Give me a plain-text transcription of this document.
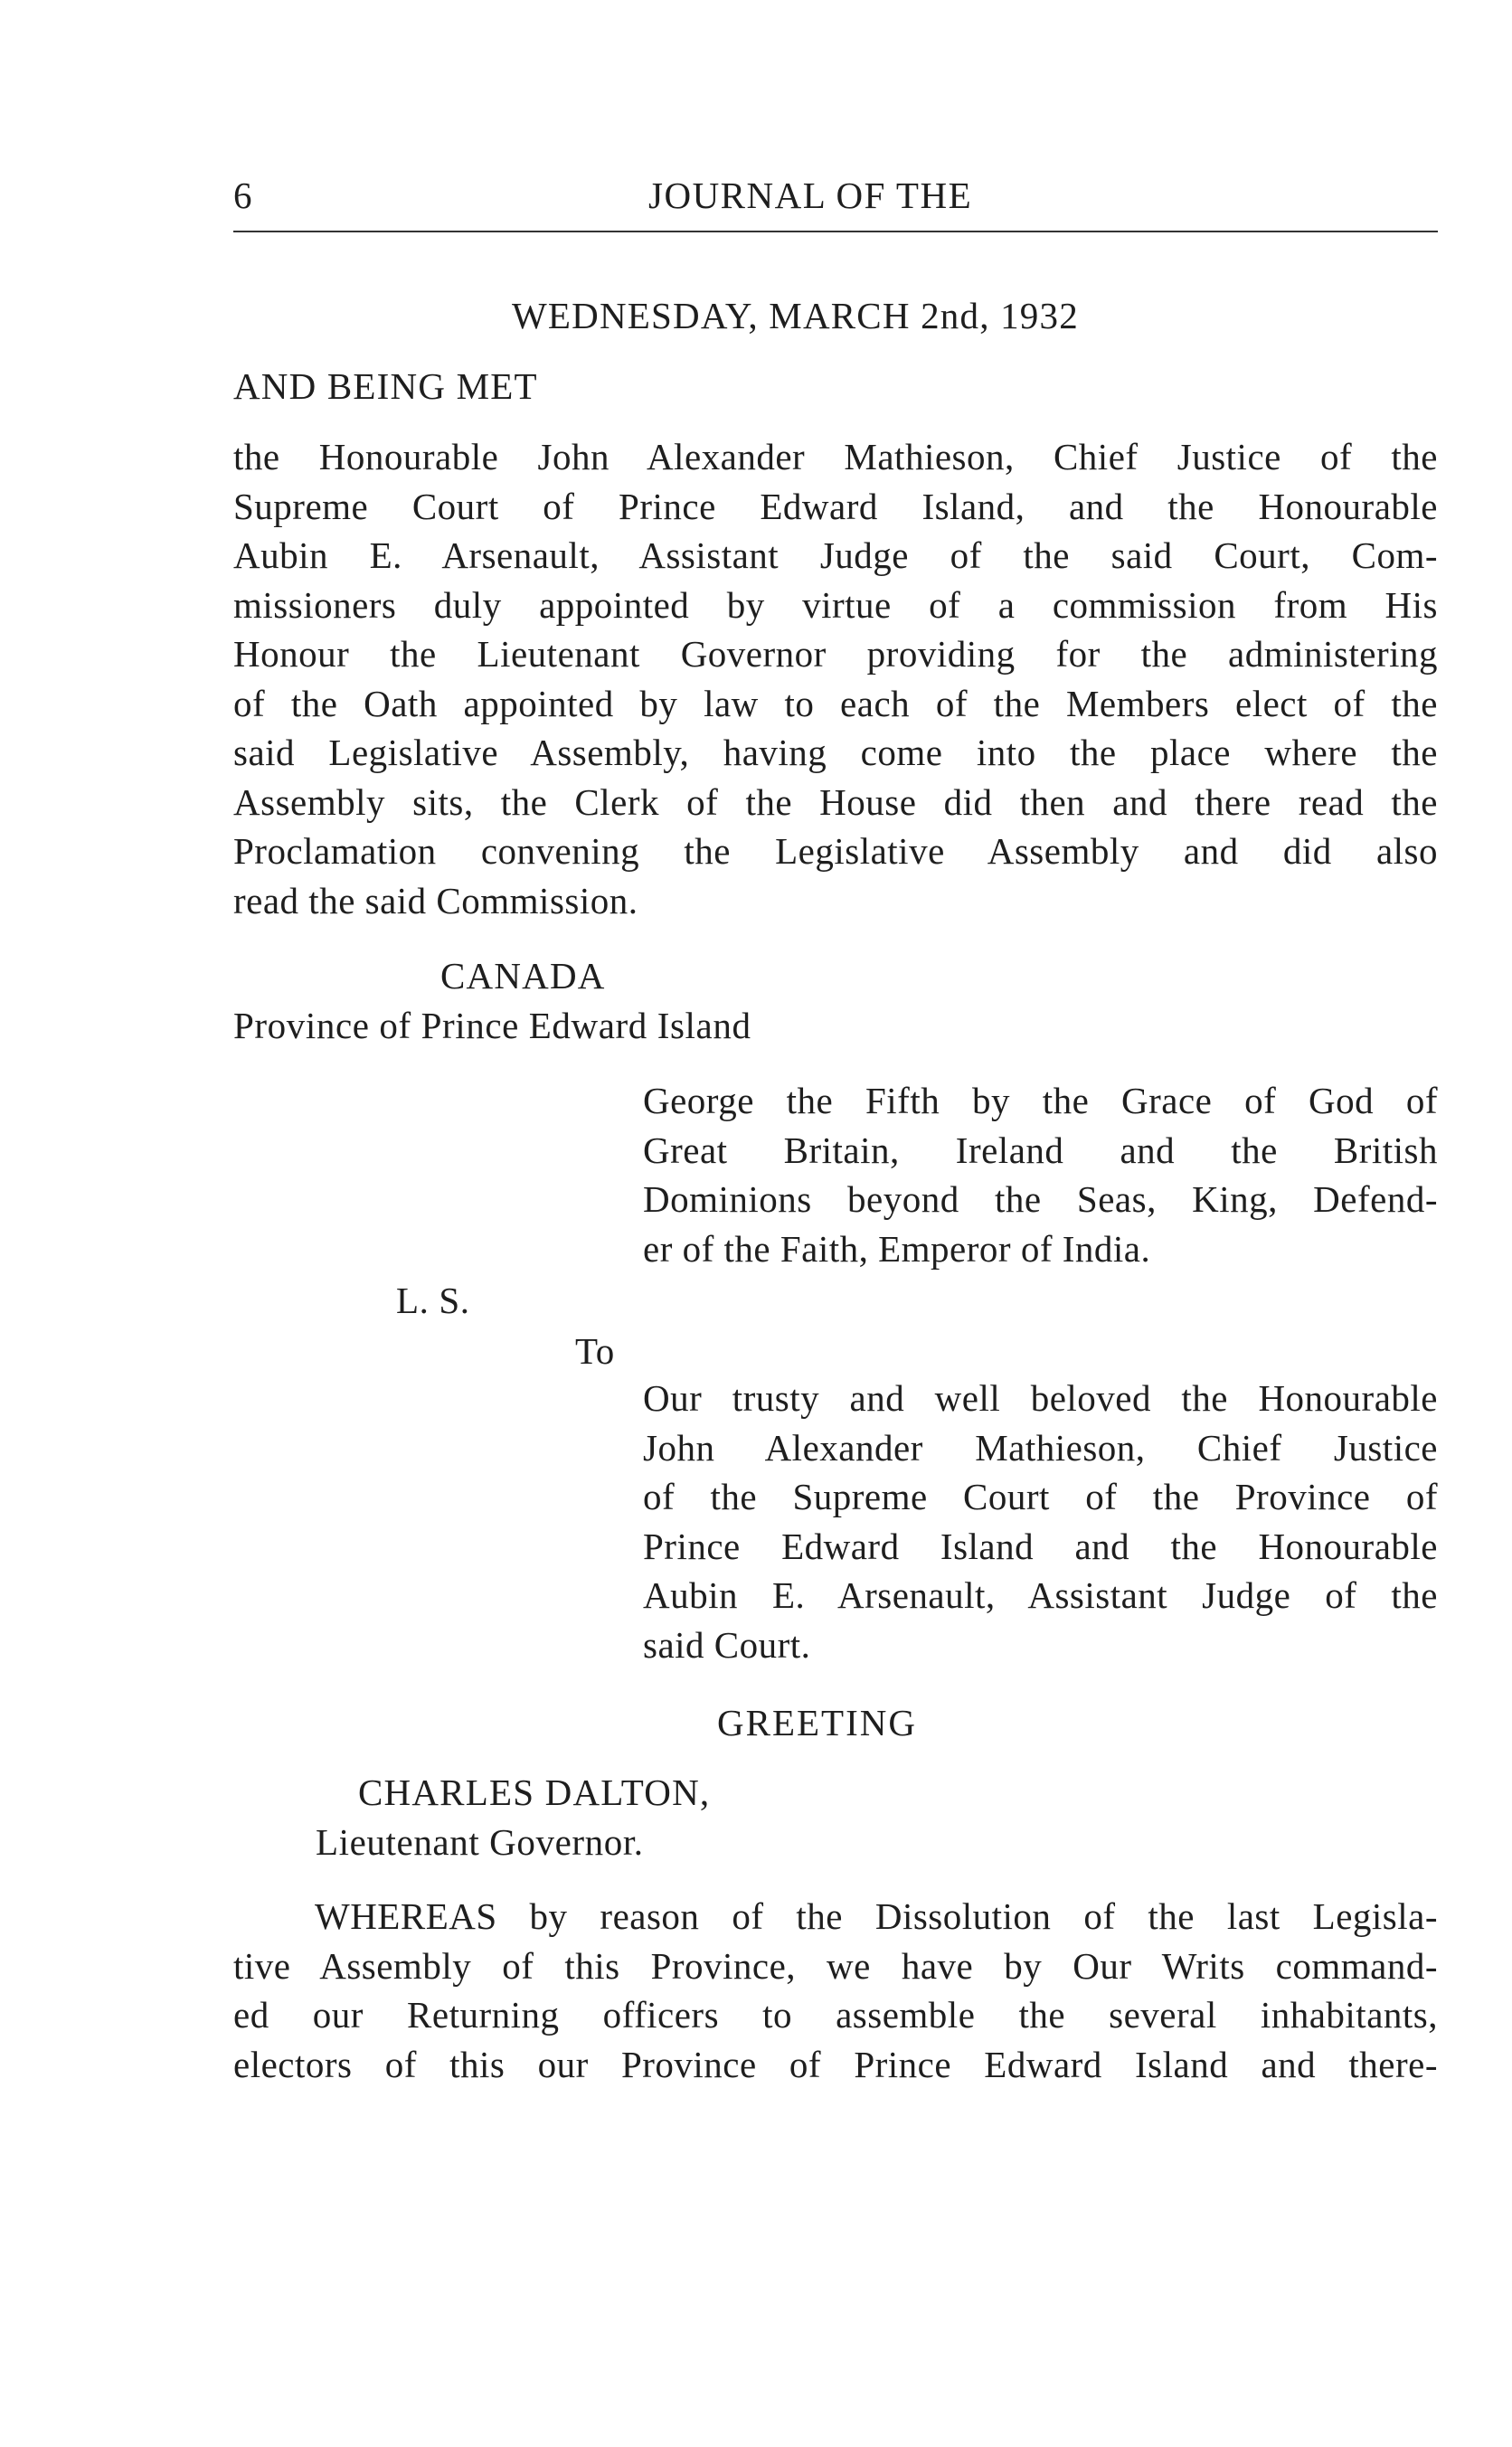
6	JOURNAL OF THE
WEDNESDAY, MARCH 2nd, 1932
AND BEING MET
the Honourable John Alexander Mathieson, Chief Justice of the
Supreme Court of Prince Edward Island, and the Honourable
Aubin E. Arsenault, Assistant Judge of the said Court, Com-
missioners duly appointed by virtue of a commission from His
Honour the Lieutenant Governor providing for the administering
of the Oath appointed by law to each of the Members elect of the
said Legislative Assembly, having come into the place where the
Assembly sits, the Clerk of the House did then and there read the
Proclamation convening the Legislative Assembly and did also
read the said Commission.
CANADA
Province of Prince Edward Island
George the Fifth by the Grace of God of
Great Britain, Ireland and the British
Dominions beyond the Seas, King, Defend-
er of the Faith, Emperor of India.
L. S.
To
Our trusty and well beloved the Honourable
John Alexander Mathieson, Chief Justice
of the Supreme Court of the Province of
Prince Edward Island and the Honourable
Aubin E. Arsenault, Assistant Judge of the
said Court.
GREETING
CHARLES DALTON,
Lieutenant Governor.
WHEREAS by reason of the Dissolution of the last Legisla-
tive Assembly of this Province, we have by Our Writs command-
ed our Returning officers to assemble the several inhabitants,
electors of this our Province of Prince Edward Island and there-
